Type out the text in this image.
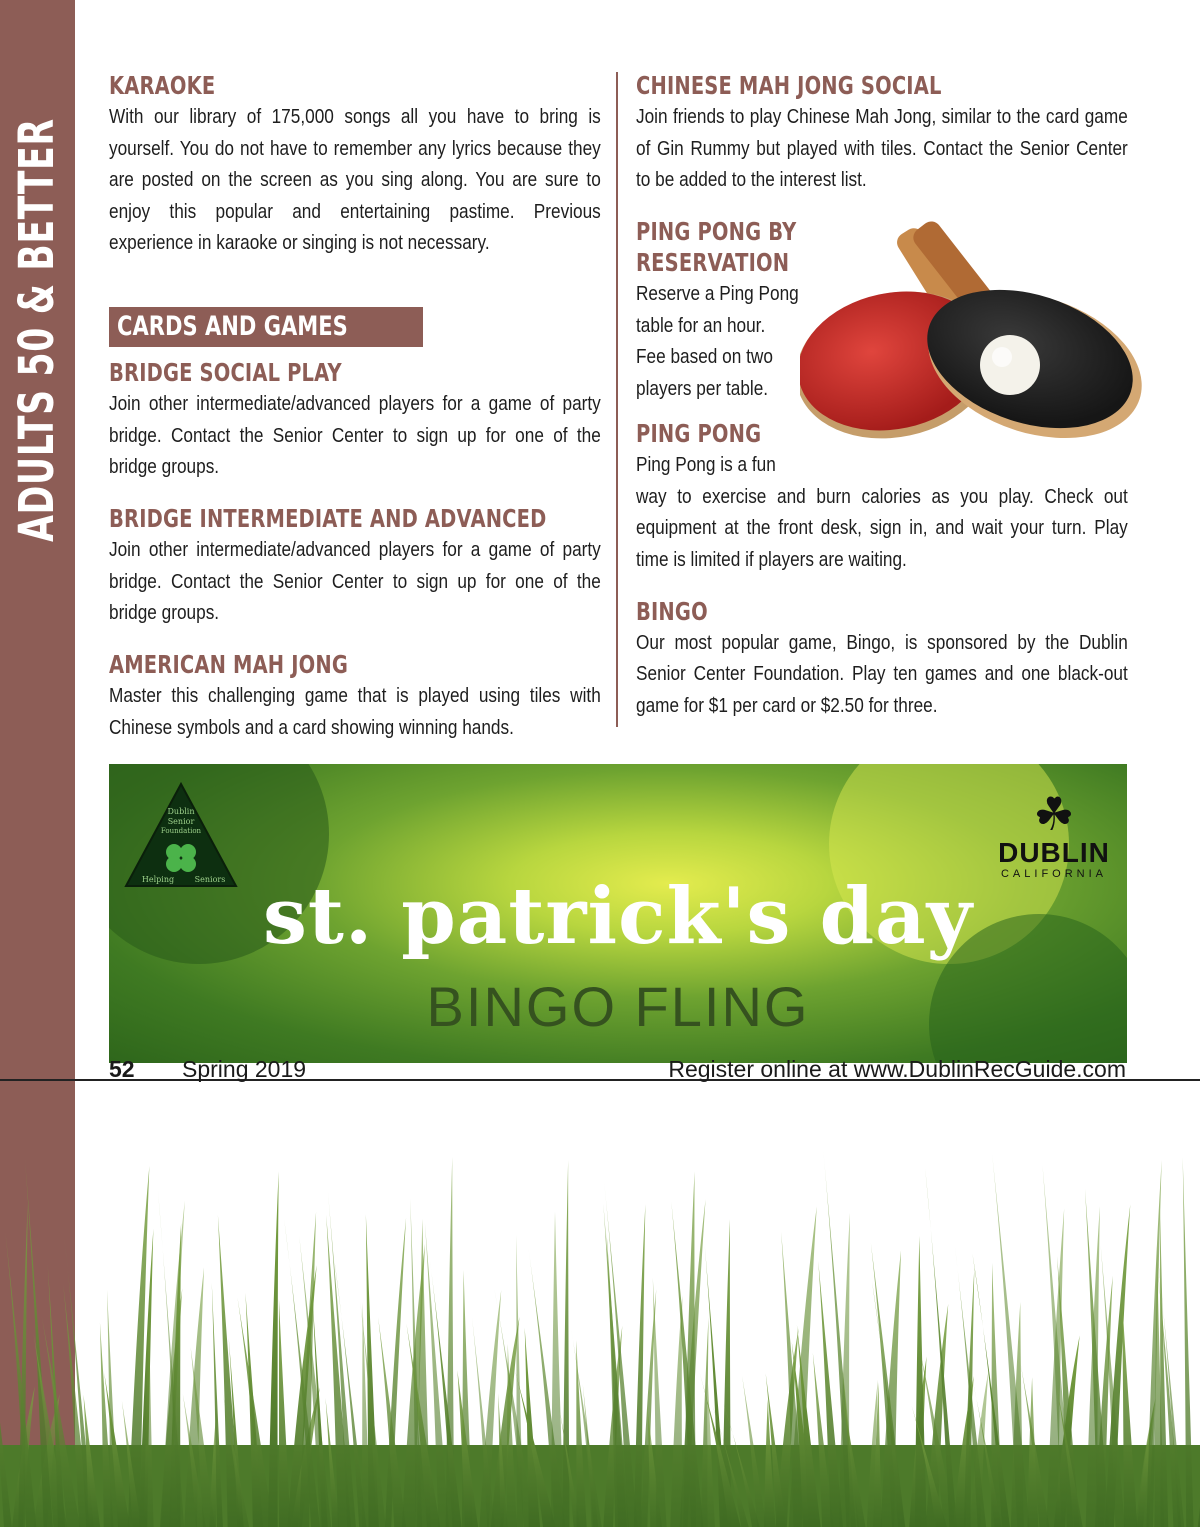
ADULTS 50 & BETTER
KARAOKE

With our library of 175,000 songs all you have to bring is yourself. You do not have to remember any lyrics because they are posted on the screen as you sing along. You are sure to enjoy this popular and entertaining pastime. Previous experience in karaoke or singing is not necessary.

CARDS AND GAMES
BRIDGE SOCIAL PLAY

Join other intermediate/advanced players for a game of party bridge. Contact the Senior Center to sign up for one of the bridge groups.

BRIDGE INTERMEDIATE AND ADVANCED

Join other intermediate/advanced players for a game of party bridge. Contact the Senior Center to sign up for one of the bridge groups.

AMERICAN MAH JONG

Master this challenging game that is played using tiles with Chinese symbols and a card showing winning hands.

CHINESE MAH JONG SOCIAL

Join friends to play Chinese Mah Jong, similar to the card game of Gin Rummy but played with tiles. Contact the Senior Center to be added to the interest list.

PING PONG BY
RESERVATION

Reserve a Ping Pong

table for an hour.

Fee based on two

players per table.

PING PONG

Ping Pong is a fun

way to exercise and burn calories as you play. Check out equipment at the front desk, sign in, and wait your turn. Play time is limited if players are waiting.

BINGO

Our most popular game, Bingo, is sponsored by the Dublin Senior Center Foundation. Play ten games and one black-out game for $1 per card or $2.50 for three.

Dublin
Senior
Foundation
Helping	Seniors
☘
DUBLIN
CALIFORNIA
st. patrick's day
BINGO FLING
52 Spring 2019	Register online at www.DublinRecGuide.com
